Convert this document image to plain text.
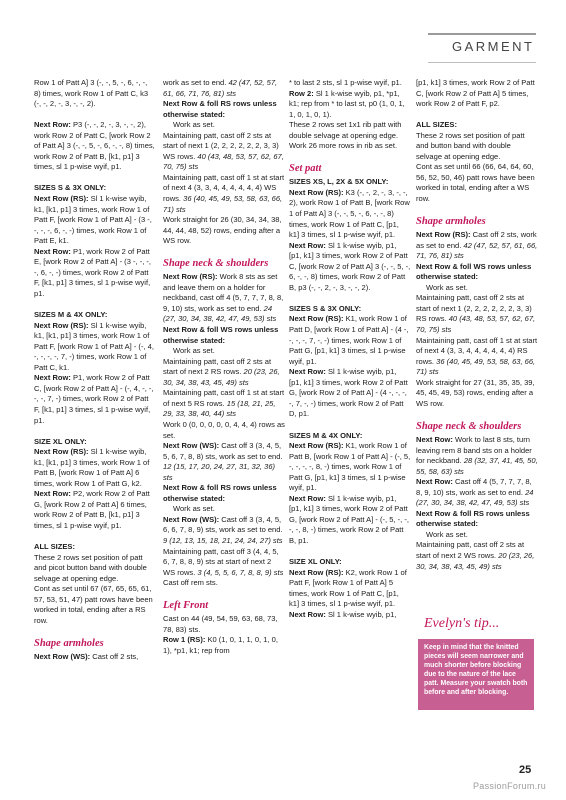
GARMENT

Row 1 of Patt A] 3 (-, -, 5, -, 6, -, -, 8) times, work Row 1 of Patt C, k3 (-, -, 2, -, 3, -, -, 2).

Next Row: P3 (-, -, 2, -, 3, -, -, 2), work Row 2 of Patt C, [work Row 2 of Patt A] 3 (-, -, 5, -, 6, -, -, 8) times, work Row 2 of Patt B, [k1, p1] 3 times, sl 1 p-wise wyif, p1.

SIZES S & 3X ONLY:

Next Row (RS): Sl 1 k-wise wyib, k1, [k1, p1] 3 times, work Row 1 of Patt F, [work Row 1 of Patt A] - (3 -, -, -, -, 6, -, -) times, work Row 1 of Patt E, k1.

Next Row: P1, work Row 2 of Patt E, [work Row 2 of Patt A] - (3 -, -, -, -, 6, -, -) times, work Row 2 of Patt F, [k1, p1] 3 times, sl 1 p-wise wyif, p1.

SIZES M & 4X ONLY:

Next Row (RS): Sl 1 k-wise wyib, k1, [k1, p1] 3 times, work Row 1 of Patt F, [work Row 1 of Patt A] - (-, 4, -, -, -, -, 7, -) times, work Row 1 of Patt C, k1.

Next Row: P1, work Row 2 of Patt C, [work Row 2 of Patt A] - (-, 4, -, -, -, -, 7, -) times, work Row 2 of Patt F, [k1, p1] 3 times, sl 1 p-wise wyif, p1.

SIZE XL ONLY:

Next Row (RS): Sl 1 k-wise wyib, k1, [k1, p1] 3 times, work Row 1 of Patt B, [work Row 1 of Patt A] 6 times, work Row 1 of Patt G, k2.

Next Row: P2, work Row 2 of Patt G, [work Row 2 of Patt A] 6 times, work Row 2 of Patt B, [k1, p1] 3 times, sl 1 p-wise wyif, p1.

ALL SIZES:

These 2 rows set position of patt and picot button band with double selvage at opening edge.

Cont as set until 67 (67, 65, 65, 61, 57, 53, 51, 47) patt rows have been worked in total, ending after a RS row.

Shape armholes

Next Row (WS): Cast off 2 sts,

work as set to end. 42 (47, 52, 57, 61, 66, 71, 76, 81) sts

Next Row & foll RS rows unless otherwise stated:

Work as set.

Maintaining patt, cast off 2 sts at start of next 1 (2, 2, 2, 2, 2, 2, 3, 3) WS rows. 40 (43, 48, 53, 57, 62, 67, 70, 75) sts

Maintaining patt, cast off 1 st at start of next 4 (3, 3, 4, 4, 4, 4, 4, 4) WS rows. 36 (40, 45, 49, 53, 58, 63, 66, 71) sts

Work straight for 26 (30, 34, 34, 38, 44, 44, 48, 52) rows, ending after a WS row.

Shape neck & shoulders

Next Row (RS): Work 8 sts as set and leave them on a holder for neckband, cast off 4 (5, 7, 7, 7, 8, 8, 9, 10) sts, work as set to end. 24 (27, 30, 34, 38, 42, 47, 49, 53) sts

Next Row & foll WS rows unless otherwise stated:

Work as set.

Maintaining patt, cast off 2 sts at start of next 2 RS rows. 20 (23, 26, 30, 34, 38, 43, 45, 49) sts

Maintaining patt, cast off 1 st at start of next 5 RS rows. 15 (18, 21, 25, 29, 33, 38, 40, 44) sts

Work 0 (0, 0, 0, 0, 0, 4, 4, 4) rows as set.

Next Row (WS): Cast off 3 (3, 4, 5, 5, 6, 7, 8, 8) sts, work as set to end. 12 (15, 17, 20, 24, 27, 31, 32, 36) sts

Next Row & foll RS rows unless otherwise stated:

Work as set.

Next Row (WS): Cast off 3 (3, 4, 5, 6, 6, 7, 8, 9) sts, work as set to end. 9 (12, 13, 15, 18, 21, 24, 24, 27) sts

Maintaining patt, cast off 3 (4, 4, 5, 6, 7, 8, 8, 9) sts at start of next 2 WS rows. 3 (4, 5, 5, 6, 7, 8, 8, 9) sts

Cast off rem sts.

Left Front

Cast on 44 (49, 54, 59, 63, 68, 73, 78, 83) sts.

Row 1 (RS): K0 (1, 0, 1, 1, 0, 1, 0, 1), *p1, k1; rep from

* to last 2 sts, sl 1 p-wise wyif, p1.

Row 2: Sl 1 k-wise wyib, p1, *p1, k1; rep from * to last st, p0 (1, 0, 1, 1, 0, 1, 0, 1).

These 2 rows set 1x1 rib patt with double selvage at opening edge.

Work 26 more rows in rib as set.

Set patt

SIZES XS, L, 2X & 5X ONLY:

Next Row (RS): K3 (-, -, 2, -, 3, -, -, 2), work Row 1 of Patt B, [work Row 1 of Patt A] 3 (-, -, 5, -, 6, -, -, 8) times, work Row 1 of Patt C, [p1, k1] 3 times, sl 1 p-wise wyif, p1.

Next Row: Sl 1 k-wise wyib, p1, [p1, k1] 3 times, work Row 2 of Patt C, [work Row 2 of Patt A] 3 (-, -, 5, -, 6, -, -, 8) times, work Row 2 of Patt B, p3 (-, -, 2, -, 3, -, -, 2).

SIZES S & 3X ONLY:

Next Row (RS): K1, work Row 1 of Patt D, [work Row 1 of Patt A] - (4 -, -, -, -, 7, -, -) times, work Row 1 of Patt G, [p1, k1] 3 times, sl 1 p-wise wyif, p1.

Next Row: Sl 1 k-wise wyib, p1, [p1, k1] 3 times, work Row 2 of Patt G, [work Row 2 of Patt A] - (4 -, -, -, -, 7, -, -) times, work Row 2 of Patt D, p1.

SIZES M & 4X ONLY:

Next Row (RS): K1, work Row 1 of Patt B, [work Row 1 of Patt A] - (-, 5, -, -, -, -, 8, -) times, work Row 1 of Patt G, [p1, k1] 3 times, sl 1 p-wise wyif, p1.

Next Row: Sl 1 k-wise wyib, p1, [p1, k1] 3 times, work Row 2 of Patt G, [work Row 2 of Patt A] - (-, 5, -, -, -, -, 8, -) times, work Row 2 of Patt B, p1.

SIZE XL ONLY:

Next Row (RS): K2, work Row 1 of Patt F, [work Row 1 of Patt A] 5 times, work Row 1 of Patt C, [p1, k1] 3 times, sl 1 p-wise wyif, p1.

Next Row: Sl 1 k-wise wyib, p1,

[p1, k1] 3 times, work Row 2 of Patt C, [work Row 2 of Patt A] 5 times, work Row 2 of Patt F, p2.

ALL SIZES:

These 2 rows set position of patt and button band with double selvage at opening edge.

Cont as set until 66 (66, 64, 64, 60, 56, 52, 50, 46) patt rows have been worked in total, ending after a WS row.

Shape armholes

Next Row (RS): Cast off 2 sts, work as set to end. 42 (47, 52, 57, 61, 66, 71, 76, 81) sts

Next Row & foll WS rows unless otherwise stated:

Work as set.

Maintaining patt, cast off 2 sts at start of next 1 (2, 2, 2, 2, 2, 2, 3, 3) RS rows. 40 (43, 48, 53, 57, 62, 67, 70, 75) sts

Maintaining patt, cast off 1 st at start of next 4 (3, 3, 4, 4, 4, 4, 4, 4) RS rows. 36 (40, 45, 49, 53, 58, 63, 66, 71) sts

Work straight for 27 (31, 35, 35, 39, 45, 45, 49, 53) rows, ending after a WS row.

Shape neck & shoulders

Next Row: Work to last 8 sts, turn leaving rem 8 band sts on a holder for neckband. 28 (32, 37, 41, 45, 50, 55, 58, 63) sts

Next Row: Cast off 4 (5, 7, 7, 7, 8, 8, 9, 10) sts, work as set to end. 24 (27, 30, 34, 38, 42, 47, 49, 53) sts

Next Row & foll RS rows unless otherwise stated:

Work as set.

Maintaining patt, cast off 2 sts at start of next 2 WS rows. 20 (23, 26, 30, 34, 38, 43, 45, 49) sts

Evelyn's tip...
Keep in mind that the knitted pieces will seem narrower and much shorter before blocking due to the nature of the lace patt. Measure your swatch both before and after blocking.
25
PassionForum.ru
